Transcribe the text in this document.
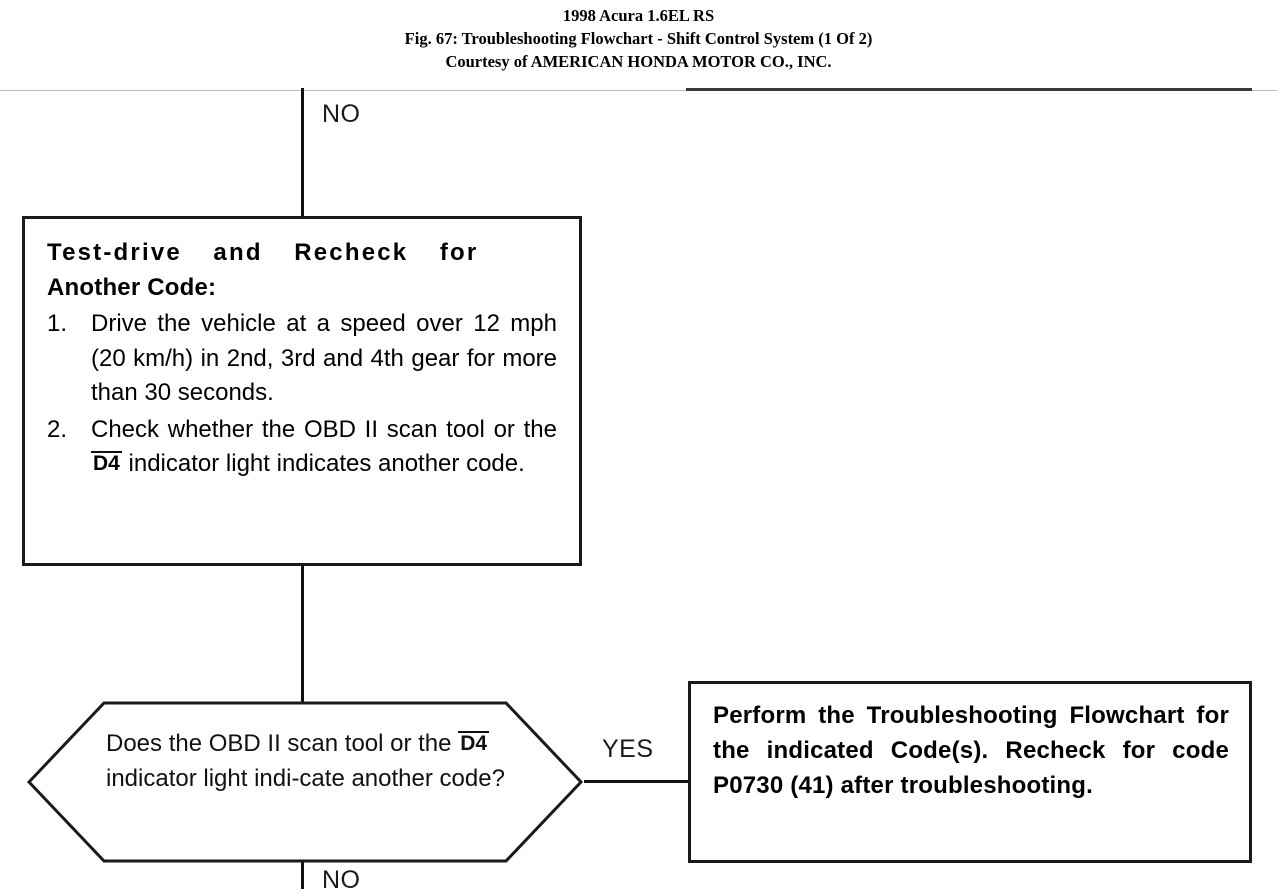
1998 Acura 1.6EL RS
Fig. 67: Troubleshooting Flowchart - Shift Control System (1 Of 2)
Courtesy of AMERICAN HONDA MOTOR CO., INC.
NO
YES
NO
Test-drive and Recheck for
Another Code:
1. Drive the vehicle at a speed over 12 mph (20 km/h) in 2nd, 3rd and 4th gear for more than 30 seconds.
2. Check whether the OBD II scan tool or the D4 indicator light indicates another code.
Does the OBD II scan tool or the D4 indicator light indi-cate another code?
Perform the Troubleshooting Flowchart for the indicated Code(s). Recheck for code P0730 (41) after troubleshooting.
